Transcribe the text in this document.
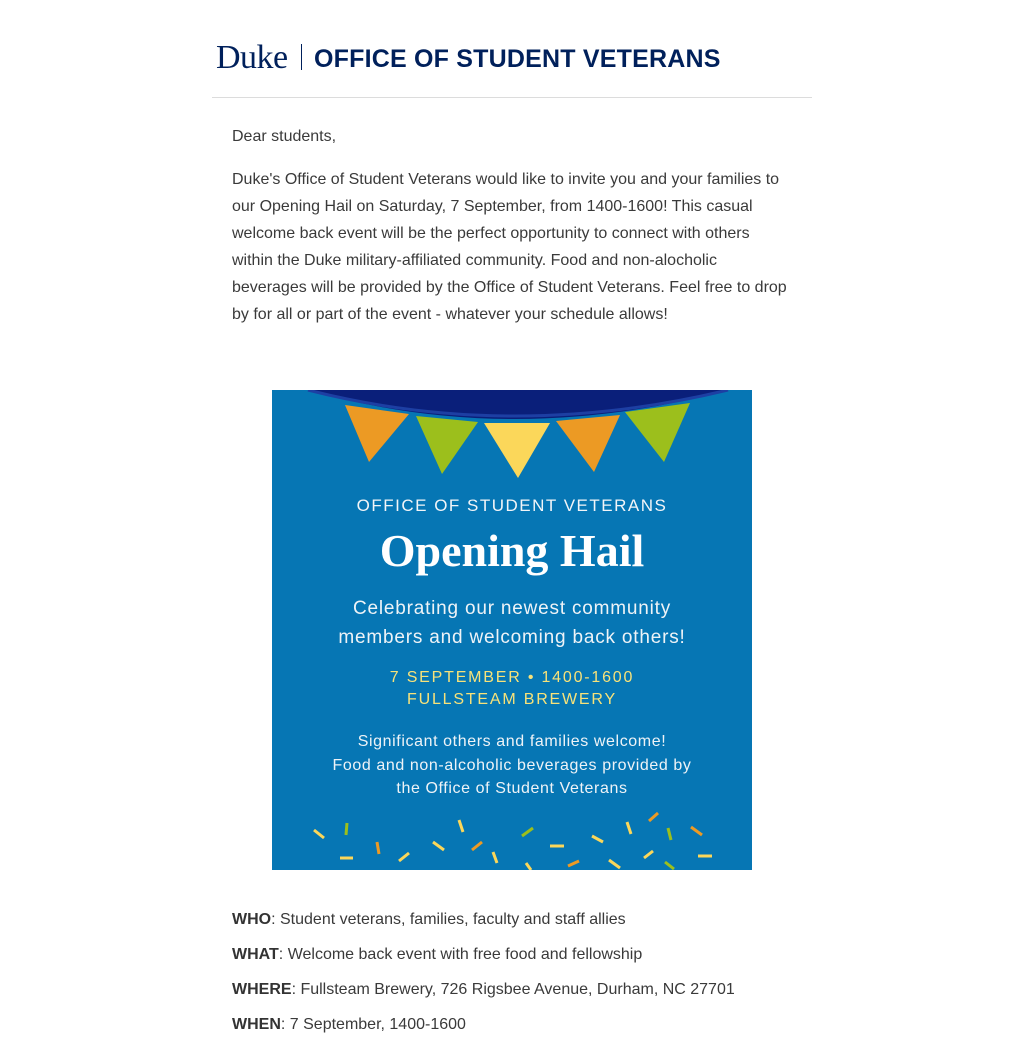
Duke OFFICE OF STUDENT VETERANS

Dear students,

Duke's Office of Student Veterans would like to invite you and your families to our Opening Hail on Saturday, 7 September, from 1400-1600! This casual welcome back event will be the perfect opportunity to connect with others within the Duke military-affiliated community. Food and non-alocholic beverages will be provided by the Office of Student Veterans. Feel free to drop by for all or part of the event - whatever your schedule allows!

OFFICE OF STUDENT VETERANS
Opening Hail
Celebrating our newest community
members and welcoming back others!
7 SEPTEMBER • 1400-1600
FULLSTEAM BREWERY
Significant others and families welcome!
Food and non-alcoholic beverages provided by
the Office of Student Veterans

WHO: Student veterans, families, faculty and staff allies

WHAT: Welcome back event with free food and fellowship

WHERE: Fullsteam Brewery, 726 Rigsbee Avenue, Durham, NC 27701

WHEN: 7 September, 1400-1600
